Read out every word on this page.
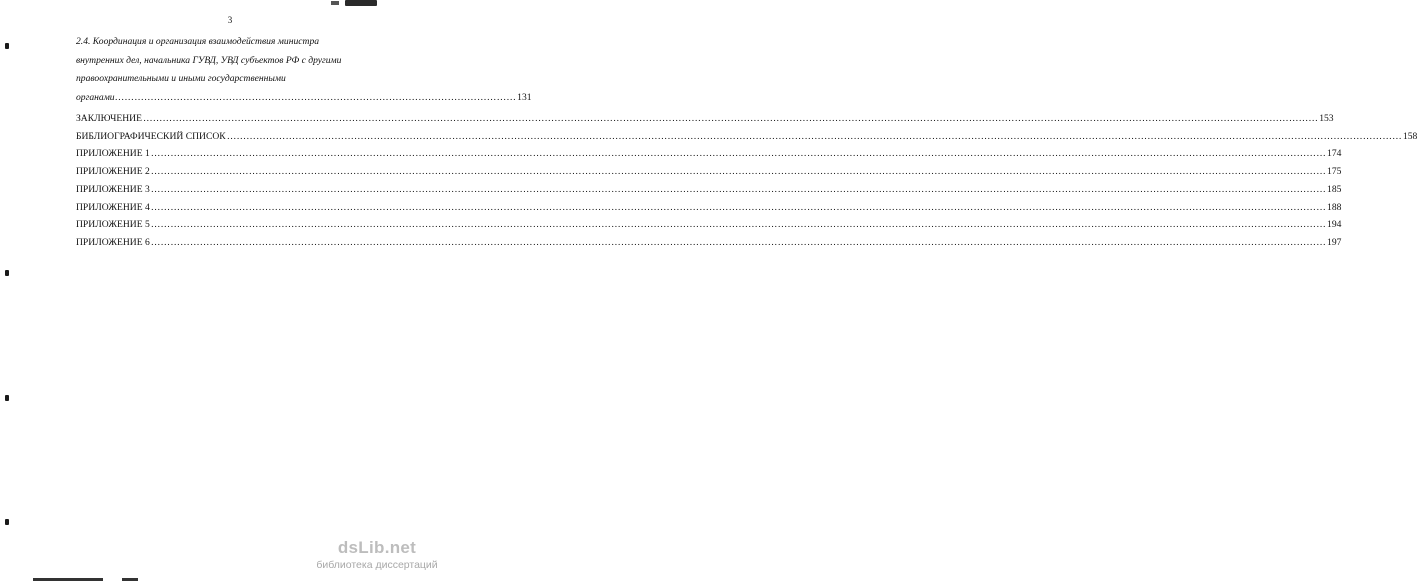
3
2.4. Координация и организация взаимодействия министра
внутренних дел, начальника ГУВД, УВД субъектов РФ с другими
правоохранительными и иными государственными
органами …………………………………………………………………………………………………………… 131
ЗАКЛЮЧЕНИЕ ……………………………………………………………………………………………………………………………………………………………………………………………………………………………………………………………………………………………………………………………… 153
БИБЛИОГРАФИЧЕСКИЙ СПИСОК ……………………………………………………………………………………………………………………………………………………………………………………………………………………………………………………………………………………………………………………………… 158
ПРИЛОЖЕНИЕ 1 ……………………………………………………………………………………………………………………………………………………………………………………………………………………………………………………………………………………………………………………………… 174
ПРИЛОЖЕНИЕ 2 ……………………………………………………………………………………………………………………………………………………………………………………………………………………………………………………………………………………………………………………………… 175
ПРИЛОЖЕНИЕ 3 ……………………………………………………………………………………………………………………………………………………………………………………………………………………………………………………………………………………………………………………………… 185
ПРИЛОЖЕНИЕ 4 ……………………………………………………………………………………………………………………………………………………………………………………………………………………………………………………………………………………………………………………………… 188
ПРИЛОЖЕНИЕ 5 ……………………………………………………………………………………………………………………………………………………………………………………………………………………………………………………………………………………………………………………………… 194
ПРИЛОЖЕНИЕ 6 ……………………………………………………………………………………………………………………………………………………………………………………………………………………………………………………………………………………………………………………………… 197
dsLib.net
библиотека диссертаций
